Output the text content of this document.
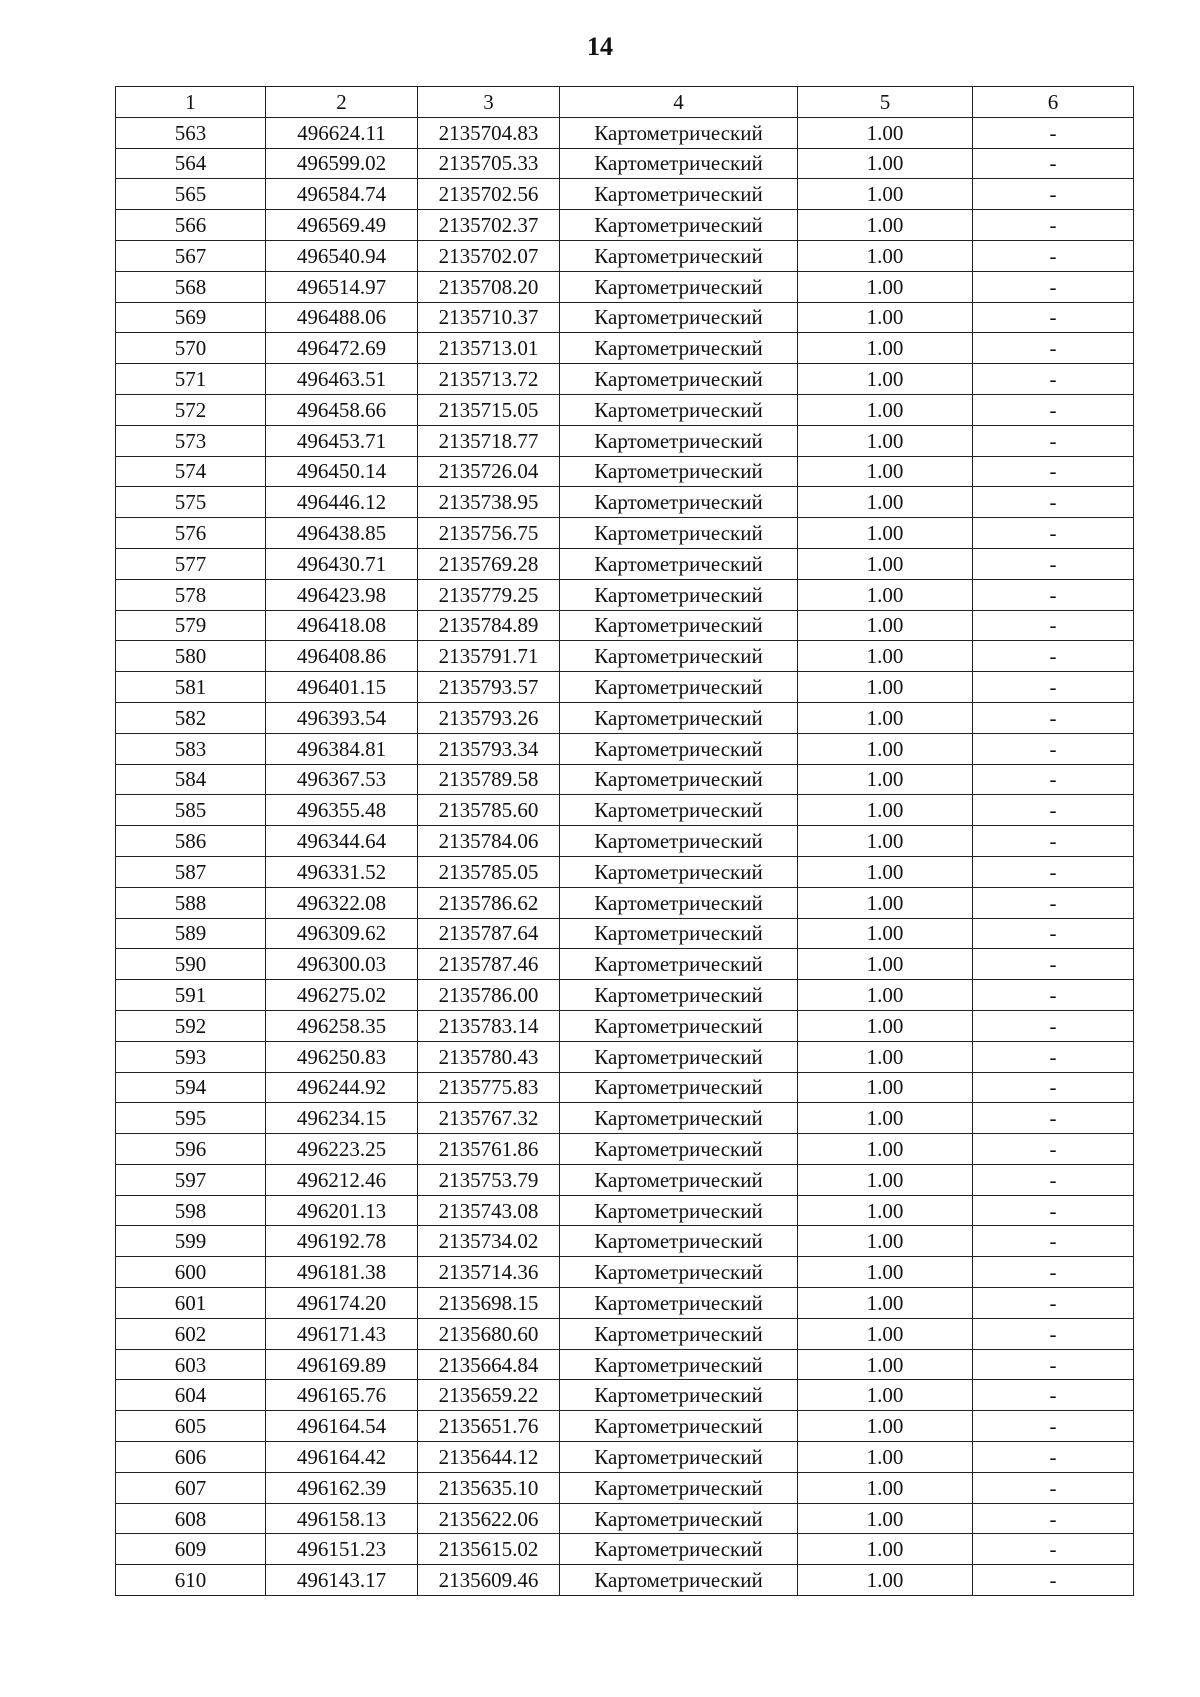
14
1	2	3	4	5	6
563	496624.11	2135704.83	Картометрический	1.00	-
564	496599.02	2135705.33	Картометрический	1.00	-
565	496584.74	2135702.56	Картометрический	1.00	-
566	496569.49	2135702.37	Картометрический	1.00	-
567	496540.94	2135702.07	Картометрический	1.00	-
568	496514.97	2135708.20	Картометрический	1.00	-
569	496488.06	2135710.37	Картометрический	1.00	-
570	496472.69	2135713.01	Картометрический	1.00	-
571	496463.51	2135713.72	Картометрический	1.00	-
572	496458.66	2135715.05	Картометрический	1.00	-
573	496453.71	2135718.77	Картометрический	1.00	-
574	496450.14	2135726.04	Картометрический	1.00	-
575	496446.12	2135738.95	Картометрический	1.00	-
576	496438.85	2135756.75	Картометрический	1.00	-
577	496430.71	2135769.28	Картометрический	1.00	-
578	496423.98	2135779.25	Картометрический	1.00	-
579	496418.08	2135784.89	Картометрический	1.00	-
580	496408.86	2135791.71	Картометрический	1.00	-
581	496401.15	2135793.57	Картометрический	1.00	-
582	496393.54	2135793.26	Картометрический	1.00	-
583	496384.81	2135793.34	Картометрический	1.00	-
584	496367.53	2135789.58	Картометрический	1.00	-
585	496355.48	2135785.60	Картометрический	1.00	-
586	496344.64	2135784.06	Картометрический	1.00	-
587	496331.52	2135785.05	Картометрический	1.00	-
588	496322.08	2135786.62	Картометрический	1.00	-
589	496309.62	2135787.64	Картометрический	1.00	-
590	496300.03	2135787.46	Картометрический	1.00	-
591	496275.02	2135786.00	Картометрический	1.00	-
592	496258.35	2135783.14	Картометрический	1.00	-
593	496250.83	2135780.43	Картометрический	1.00	-
594	496244.92	2135775.83	Картометрический	1.00	-
595	496234.15	2135767.32	Картометрический	1.00	-
596	496223.25	2135761.86	Картометрический	1.00	-
597	496212.46	2135753.79	Картометрический	1.00	-
598	496201.13	2135743.08	Картометрический	1.00	-
599	496192.78	2135734.02	Картометрический	1.00	-
600	496181.38	2135714.36	Картометрический	1.00	-
601	496174.20	2135698.15	Картометрический	1.00	-
602	496171.43	2135680.60	Картометрический	1.00	-
603	496169.89	2135664.84	Картометрический	1.00	-
604	496165.76	2135659.22	Картометрический	1.00	-
605	496164.54	2135651.76	Картометрический	1.00	-
606	496164.42	2135644.12	Картометрический	1.00	-
607	496162.39	2135635.10	Картометрический	1.00	-
608	496158.13	2135622.06	Картометрический	1.00	-
609	496151.23	2135615.02	Картометрический	1.00	-
610	496143.17	2135609.46	Картометрический	1.00	-
